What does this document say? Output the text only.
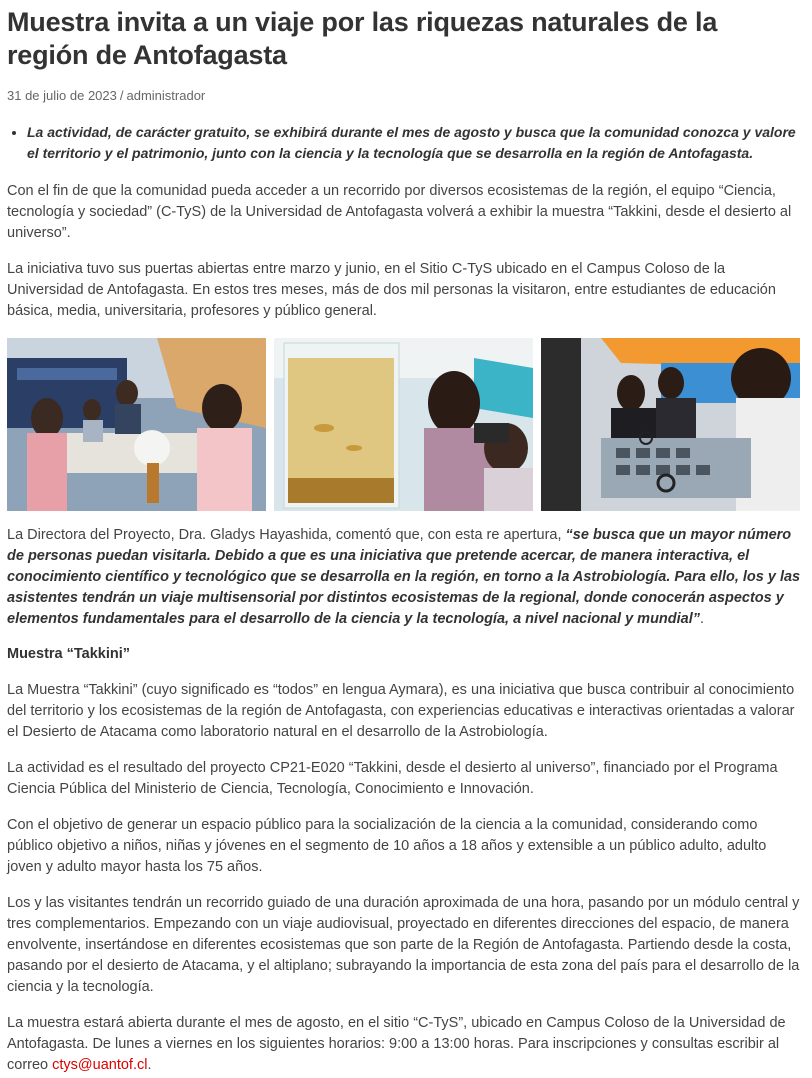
Muestra invita a un viaje por las riquezas naturales de la región de Antofagasta
31 de julio de 2023 / administrador
• La actividad, de carácter gratuito, se exhibirá durante el mes de agosto y busca que la comunidad conozca y valore el territorio y el patrimonio, junto con la ciencia y la tecnología que se desarrolla en la región de Antofagasta.

Con el fin de que la comunidad pueda acceder a un recorrido por diversos ecosistemas de la región, el equipo “Ciencia, tecnología y sociedad” (C-TyS) de la Universidad de Antofagasta volverá a exhibir la muestra “Takkini, desde el desierto al universo”.

La iniciativa tuvo sus puertas abiertas entre marzo y junio, en el Sitio C-TyS ubicado en el Campus Coloso de la Universidad de Antofagasta. En estos tres meses, más de dos mil personas la visitaron, entre estudiantes de educación básica, media, universitaria, profesores y público general.

La Directora del Proyecto, Dra. Gladys Hayashida, comentó que, con esta re apertura, “se busca que un mayor número de personas puedan visitarla. Debido a que es una iniciativa que pretende acercar, de manera interactiva, el conocimiento científico y tecnológico que se desarrolla en la región, en torno a la Astrobiología. Para ello, los y las asistentes tendrán un viaje multisensorial por distintos ecosistemas de la regional, donde conocerán aspectos y elementos fundamentales para el desarrollo de la ciencia y la tecnología, a nivel nacional y mundial”.

Muestra “Takkini”

La Muestra “Takkini” (cuyo significado es “todos” en lengua Aymara), es una iniciativa que busca contribuir al conocimiento del territorio y los ecosistemas de la región de Antofagasta, con experiencias educativas e interactivas orientadas a valorar el Desierto de Atacama como laboratorio natural en el desarrollo de la Astrobiología.

La actividad es el resultado del proyecto CP21-E020 “Takkini, desde el desierto al universo”, financiado por el Programa Ciencia Pública del Ministerio de Ciencia, Tecnología, Conocimiento e Innovación.

Con el objetivo de generar un espacio público para la socialización de la ciencia a la comunidad, considerando como público objetivo a niños, niñas y jóvenes en el segmento de 10 años a 18 años y extensible a un público adulto, adulto joven y adulto mayor hasta los 75 años.

Los y las visitantes tendrán un recorrido guiado de una duración aproximada de una hora, pasando por un módulo central y tres complementarios. Empezando con un viaje audiovisual, proyectado en diferentes direcciones del espacio, de manera envolvente, insertándose en diferentes ecosistemas que son parte de la Región de Antofagasta. Partiendo desde la costa, pasando por el desierto de Atacama, y el altiplano; subrayando la importancia de esta zona del país para el desarrollo de la ciencia y la tecnología.

La muestra estará abierta durante el mes de agosto, en el sitio “C-TyS”, ubicado en Campus Coloso de la Universidad de Antofagasta. De lunes a viernes en los siguientes horarios: 9:00 a 13:00 horas. Para inscripciones y consultas escribir al correo ctys@uantof.cl.
